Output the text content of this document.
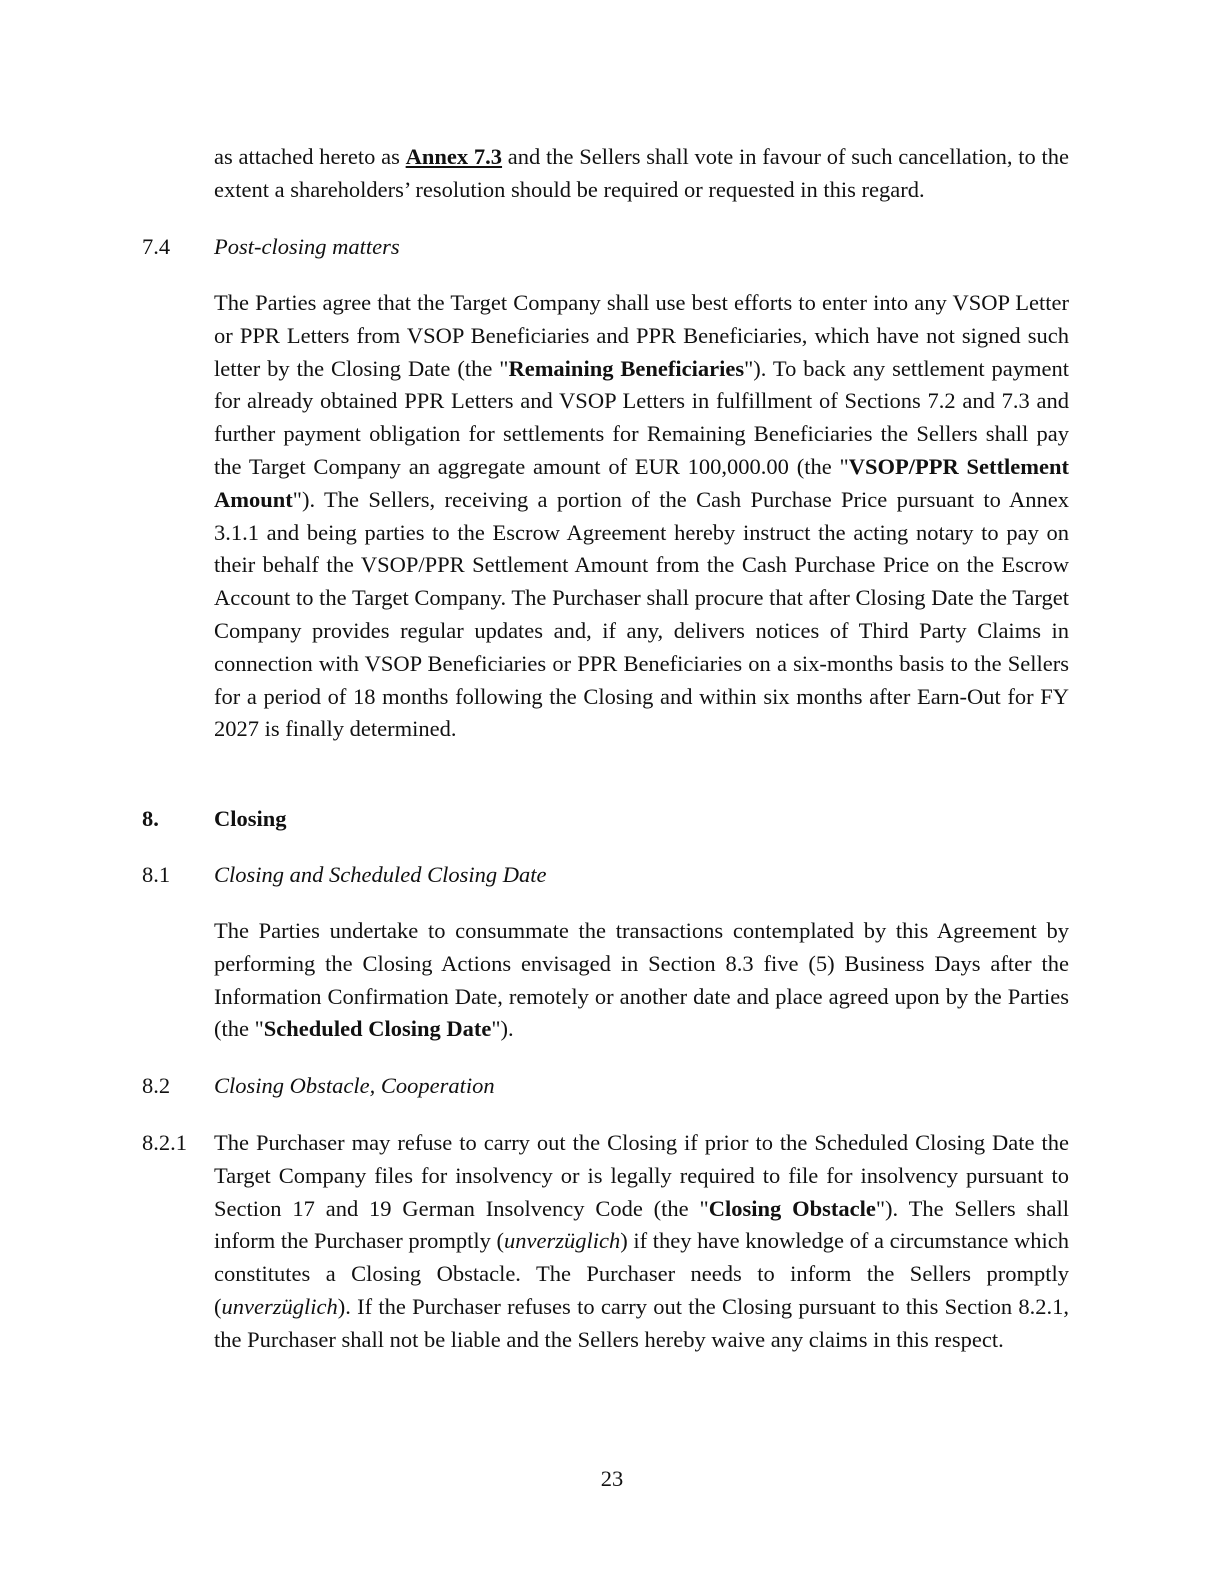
as attached hereto as Annex 7.3 and the Sellers shall vote in favour of such cancellation, to the extent a shareholders’ resolution should be required or requested in this regard.

7.4 Post-closing matters

The Parties agree that the Target Company shall use best efforts to enter into any VSOP Letter or PPR Letters from VSOP Beneficiaries and PPR Beneficiaries, which have not signed such letter by the Closing Date (the "Remaining Beneficiaries"). To back any settlement payment for already obtained PPR Letters and VSOP Letters in fulfillment of Sections 7.2 and 7.3 and further payment obligation for settlements for Remaining Beneficiaries the Sellers shall pay the Target Company an aggregate amount of EUR 100,000.00 (the "VSOP/PPR Settlement Amount"). The Sellers, receiving a portion of the Cash Purchase Price pursuant to Annex 3.1.1 and being parties to the Escrow Agreement hereby instruct the acting notary to pay on their behalf the VSOP/PPR Settlement Amount from the Cash Purchase Price on the Escrow Account to the Target Company. The Purchaser shall procure that after Closing Date the Target Company provides regular updates and, if any, delivers notices of Third Party Claims in connection with VSOP Beneficiaries or PPR Beneficiaries on a six-months basis to the Sellers for a period of 18 months following the Closing and within six months after Earn-Out for FY 2027 is finally determined.

8. Closing

8.1 Closing and Scheduled Closing Date

The Parties undertake to consummate the transactions contemplated by this Agreement by performing the Closing Actions envisaged in Section 8.3 five (5) Business Days after the Information Confirmation Date, remotely or another date and place agreed upon by the Parties (the "Scheduled Closing Date").

8.2 Closing Obstacle, Cooperation

8.2.1 The Purchaser may refuse to carry out the Closing if prior to the Scheduled Closing Date the Target Company files for insolvency or is legally required to file for insolvency pursuant to Section 17 and 19 German Insolvency Code (the "Closing Obstacle"). The Sellers shall inform the Purchaser promptly (unverzüglich) if they have knowledge of a circumstance which constitutes a Closing Obstacle. The Purchaser needs to inform the Sellers promptly (unverzüglich). If the Purchaser refuses to carry out the Closing pursuant to this Section 8.2.1, the Purchaser shall not be liable and the Sellers hereby waive any claims in this respect.

23
